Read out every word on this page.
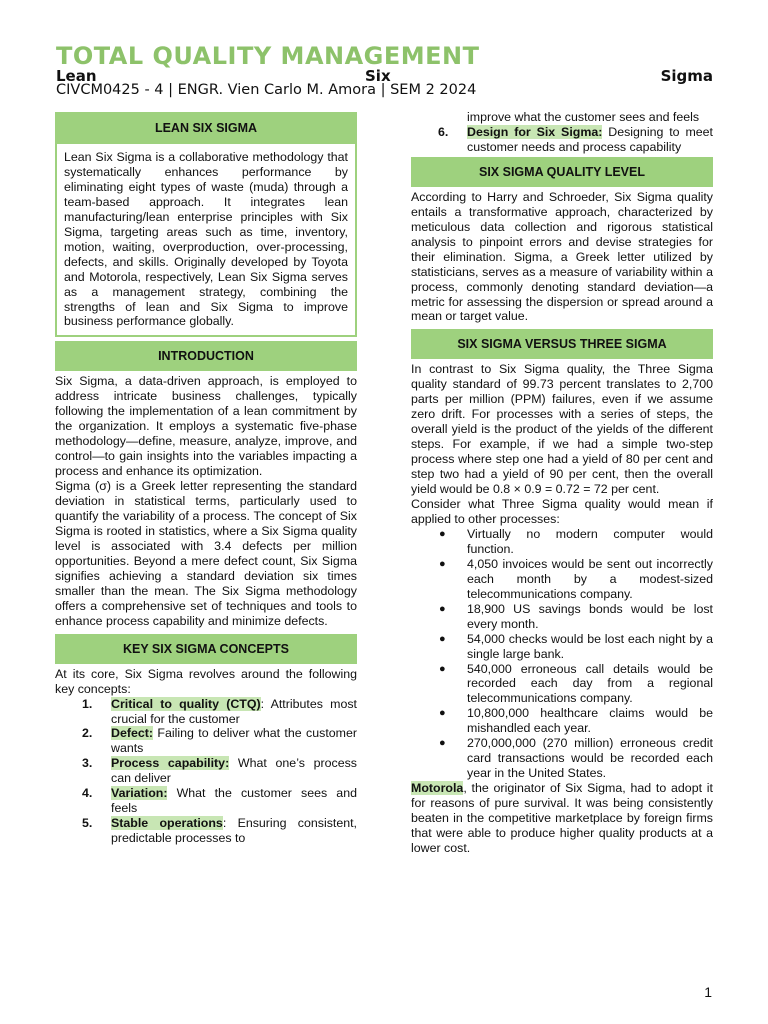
TOTAL QUALITY MANAGEMENT
Lean	Six	Sigma
CIVCM0425 - 4 | ENGR. Vien Carlo M. Amora | SEM 2 2024
LEAN SIX SIGMA

Lean Six Sigma is a collaborative methodology that systematically enhances performance by eliminating eight types of waste (muda) through a team-based approach. It integrates lean manufacturing/lean enterprise principles with Six Sigma, targeting areas such as time, inventory, motion, waiting, overproduction, over-processing, defects, and skills. Originally developed by Toyota and Motorola, respectively, Lean Six Sigma serves as a management strategy, combining the strengths of lean and Six Sigma to improve business performance globally.

INTRODUCTION

Six Sigma, a data-driven approach, is employed to address intricate business challenges, typically following the implementation of a lean commitment by the organization. It employs a systematic five-phase methodology—define, measure, analyze, improve, and control—to gain insights into the variables impacting a process and enhance its optimization.

Sigma (σ) is a Greek letter representing the standard deviation in statistical terms, particularly used to quantify the variability of a process. The concept of Six Sigma is rooted in statistics, where a Six Sigma quality level is associated with 3.4 defects per million opportunities. Beyond a mere defect count, Six Sigma signifies achieving a standard deviation six times smaller than the mean. The Six Sigma methodology offers a comprehensive set of techniques and tools to enhance process capability and minimize defects.

KEY SIX SIGMA CONCEPTS

At its core, Six Sigma revolves around the following key concepts:

1. Critical to quality (CTQ): Attributes most crucial for the customer
2. Defect: Failing to deliver what the customer wants
3. Process capability: What one’s process can deliver
4. Variation: What the customer sees and feels
5. Stable operations: Ensuring consistent, predictable processes to
improve what the customer sees and feels
6. Design for Six Sigma: Designing to meet customer needs and process capability
SIX SIGMA QUALITY LEVEL

According to Harry and Schroeder, Six Sigma quality entails a transformative approach, characterized by meticulous data collection and rigorous statistical analysis to pinpoint errors and devise strategies for their elimination. Sigma, a Greek letter utilized by statisticians, serves as a measure of variability within a process, commonly denoting standard deviation—a metric for assessing the dispersion or spread around a mean or target value.

SIX SIGMA VERSUS THREE SIGMA

In contrast to Six Sigma quality, the Three Sigma quality standard of 99.73 percent translates to 2,700 parts per million (PPM) failures, even if we assume zero drift. For processes with a series of steps, the overall yield is the product of the yields of the different steps. For example, if we had a simple two-step process where step one had a yield of 80 per cent and step two had a yield of 90 per cent, then the overall yield would be 0.8 × 0.9 = 0.72 = 72 per cent.

Consider what Three Sigma quality would mean if applied to other processes:

● Virtually no modern computer would function.
● 4,050 invoices would be sent out incorrectly each month by a modest-sized telecommunications company.
● 18,900 US savings bonds would be lost every month.
● 54,000 checks would be lost each night by a single large bank.
● 540,000 erroneous call details would be recorded each day from a regional telecommunications company.
● 10,800,000 healthcare claims would be mishandled each year.
● 270,000,000 (270 million) erroneous credit card transactions would be recorded each year in the United States.

Motorola, the originator of Six Sigma, had to adopt it for reasons of pure survival. It was being consistently beaten in the competitive marketplace by foreign firms that were able to produce higher quality products at a lower cost.

1
